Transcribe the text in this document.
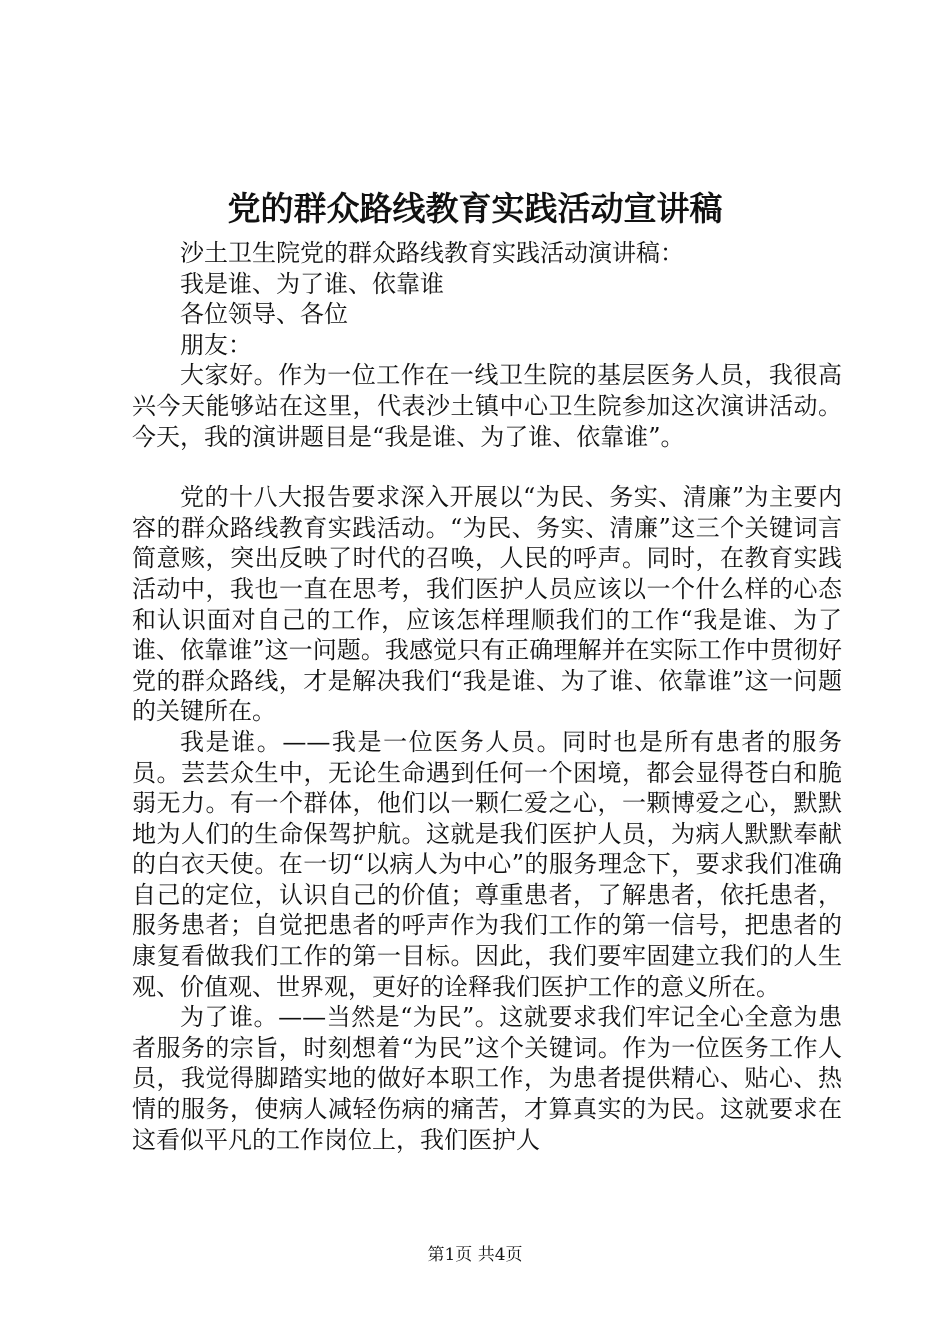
党的群众路线教育实践活动宣讲稿

沙土卫生院党的群众路线教育实践活动演讲稿：

我是谁、为了谁、依靠谁

各位领导、各位

朋友：

大家好。作为一位工作在一线卫生院的基层医务人员，我很高兴今天能够站在这里，代表沙土镇中心卫生院参加这次演讲活动。今天，我的演讲题目是“我是谁、为了谁、依靠谁”。

党的十八大报告要求深入开展以“为民、务实、清廉”为主要内容的群众路线教育实践活动。“为民、务实、清廉”这三个关键词言简意赅，突出反映了时代的召唤，人民的呼声。同时，在教育实践活动中，我也一直在思考，我们医护人员应该以一个什么样的心态和认识面对自己的工作，应该怎样理顺我们的工作“我是谁、为了谁、依靠谁”这一问题。我感觉只有正确理解并在实际工作中贯彻好党的群众路线，才是解决我们“我是谁、为了谁、依靠谁”这一问题的关键所在。

我是谁。——我是一位医务人员。同时也是所有患者的服务员。芸芸众生中，无论生命遇到任何一个困境，都会显得苍白和脆弱无力。有一个群体，他们以一颗仁爱之心，一颗博爱之心，默默地为人们的生命保驾护航。这就是我们医护人员，为病人默默奉献的白衣天使。在一切“以病人为中心”的服务理念下，要求我们准确自己的定位，认识自己的价值；尊重患者，了解患者，依托患者，服务患者；自觉把患者的呼声作为我们工作的第一信号，把患者的康复看做我们工作的第一目标。因此，我们要牢固建立我们的人生观、价值观、世界观，更好的诠释我们医护工作的意义所在。

为了谁。——当然是“为民”。这就要求我们牢记全心全意为患者服务的宗旨，时刻想着“为民”这个关键词。作为一位医务工作人员，我觉得脚踏实地的做好本职工作，为患者提供精心、贴心、热情的服务，使病人减轻伤病的痛苦，才算真实的为民。这就要求在这看似平凡的工作岗位上，我们医护人

第1页 共4页
